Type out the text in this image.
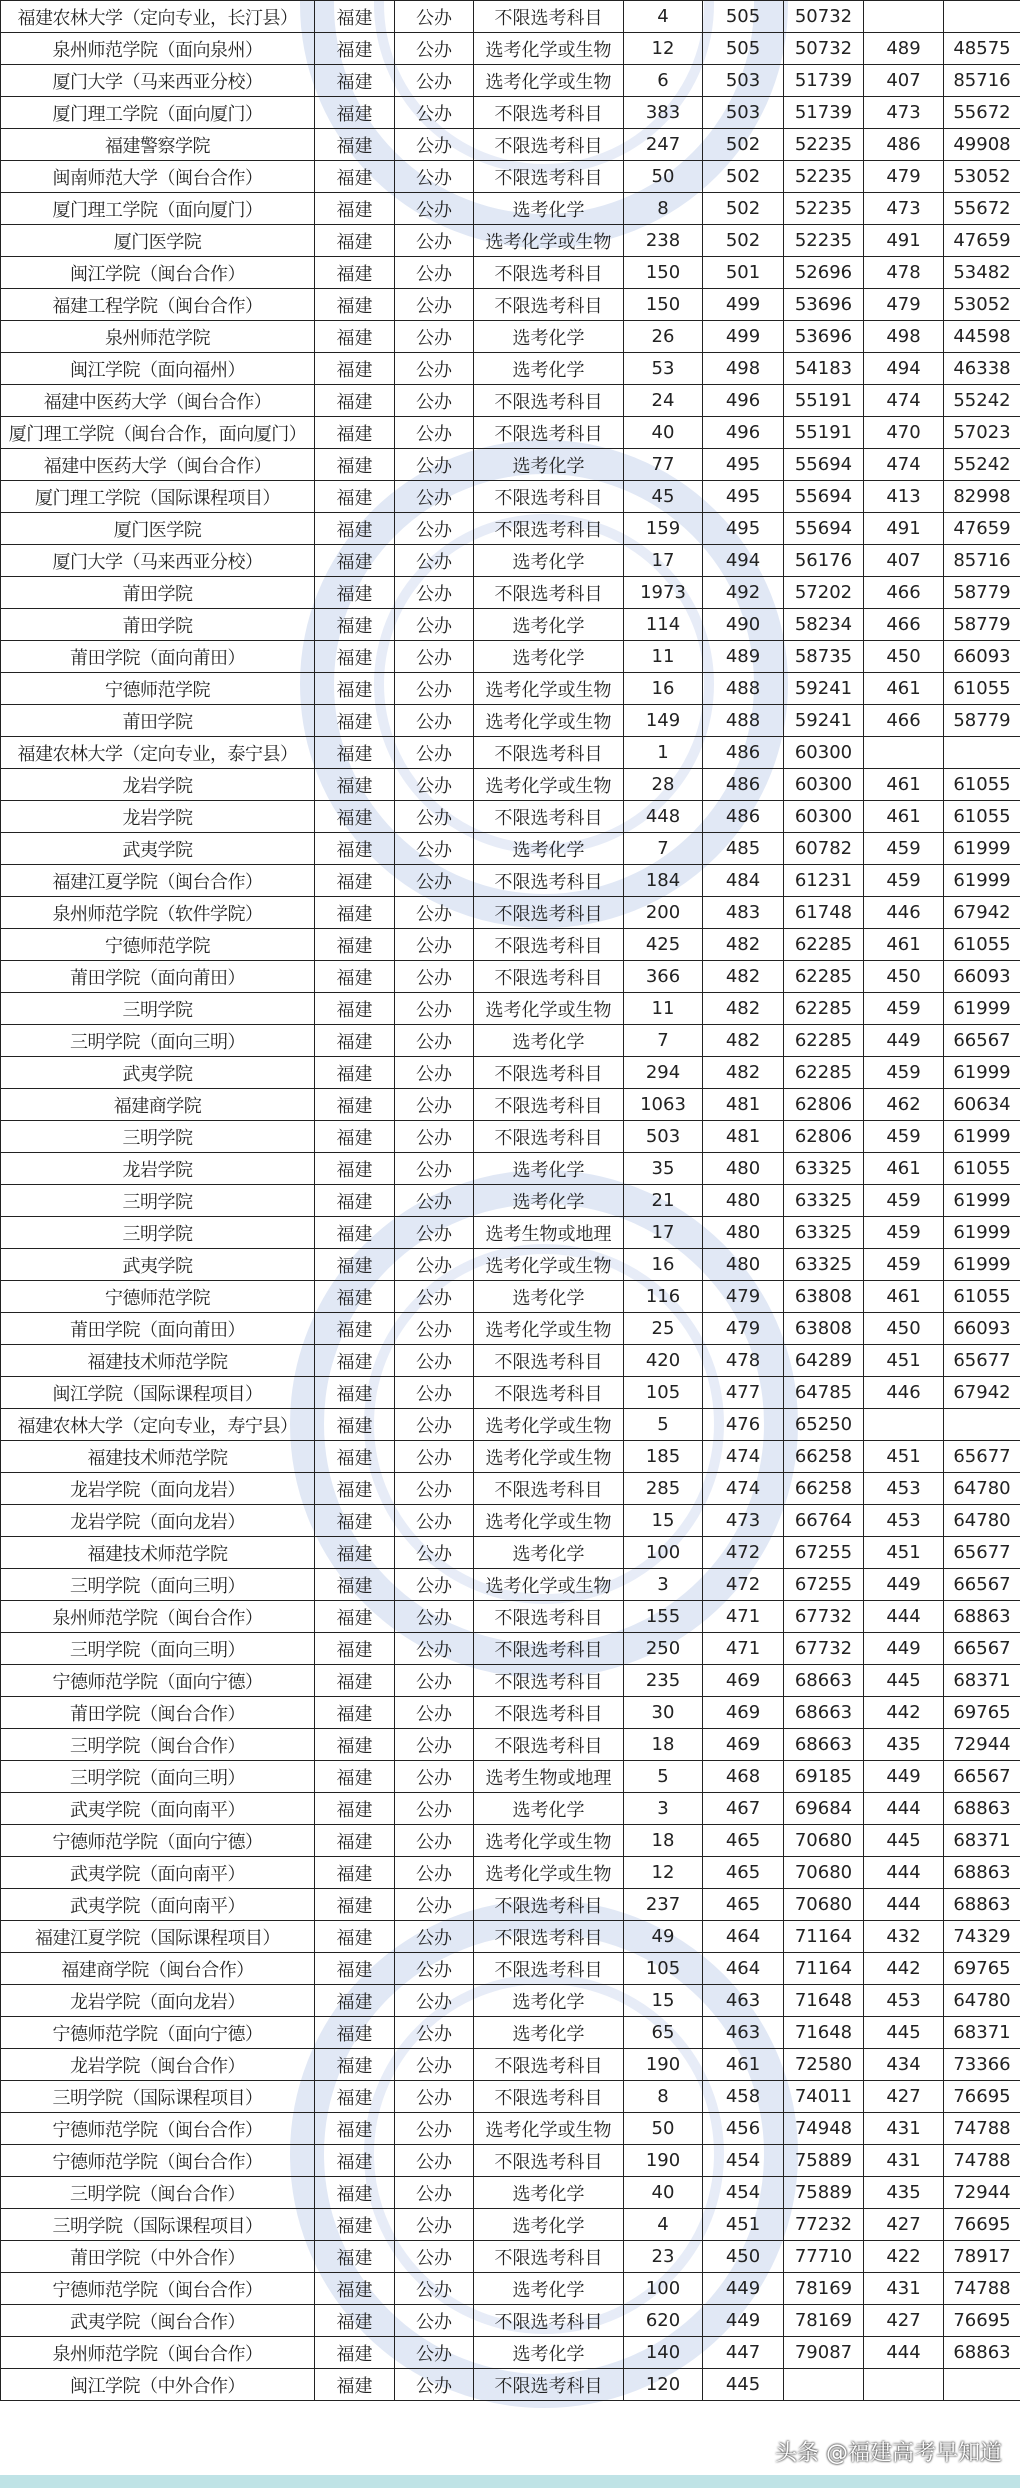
福建农林大学（定向专业，长汀县）	福建	公办	不限选考科目	4	505	50732		
泉州师范学院（面向泉州）	福建	公办	选考化学或生物	12	505	50732	489	48575
厦门大学（马来西亚分校）	福建	公办	选考化学或生物	6	503	51739	407	85716
厦门理工学院（面向厦门）	福建	公办	不限选考科目	383	503	51739	473	55672
福建警察学院	福建	公办	不限选考科目	247	502	52235	486	49908
闽南师范大学（闽台合作）	福建	公办	不限选考科目	50	502	52235	479	53052
厦门理工学院（面向厦门）	福建	公办	选考化学	8	502	52235	473	55672
厦门医学院	福建	公办	选考化学或生物	238	502	52235	491	47659
闽江学院（闽台合作）	福建	公办	不限选考科目	150	501	52696	478	53482
福建工程学院（闽台合作）	福建	公办	不限选考科目	150	499	53696	479	53052
泉州师范学院	福建	公办	选考化学	26	499	53696	498	44598
闽江学院（面向福州）	福建	公办	选考化学	53	498	54183	494	46338
福建中医药大学（闽台合作）	福建	公办	不限选考科目	24	496	55191	474	55242
厦门理工学院（闽台合作，面向厦门）	福建	公办	不限选考科目	40	496	55191	470	57023
福建中医药大学（闽台合作）	福建	公办	选考化学	77	495	55694	474	55242
厦门理工学院（国际课程项目）	福建	公办	不限选考科目	45	495	55694	413	82998
厦门医学院	福建	公办	不限选考科目	159	495	55694	491	47659
厦门大学（马来西亚分校）	福建	公办	选考化学	17	494	56176	407	85716
莆田学院	福建	公办	不限选考科目	1973	492	57202	466	58779
莆田学院	福建	公办	选考化学	114	490	58234	466	58779
莆田学院（面向莆田）	福建	公办	选考化学	11	489	58735	450	66093
宁德师范学院	福建	公办	选考化学或生物	16	488	59241	461	61055
莆田学院	福建	公办	选考化学或生物	149	488	59241	466	58779
福建农林大学（定向专业，泰宁县）	福建	公办	不限选考科目	1	486	60300		
龙岩学院	福建	公办	选考化学或生物	28	486	60300	461	61055
龙岩学院	福建	公办	不限选考科目	448	486	60300	461	61055
武夷学院	福建	公办	选考化学	7	485	60782	459	61999
福建江夏学院（闽台合作）	福建	公办	不限选考科目	184	484	61231	459	61999
泉州师范学院（软件学院）	福建	公办	不限选考科目	200	483	61748	446	67942
宁德师范学院	福建	公办	不限选考科目	425	482	62285	461	61055
莆田学院（面向莆田）	福建	公办	不限选考科目	366	482	62285	450	66093
三明学院	福建	公办	选考化学或生物	11	482	62285	459	61999
三明学院（面向三明）	福建	公办	选考化学	7	482	62285	449	66567
武夷学院	福建	公办	不限选考科目	294	482	62285	459	61999
福建商学院	福建	公办	不限选考科目	1063	481	62806	462	60634
三明学院	福建	公办	不限选考科目	503	481	62806	459	61999
龙岩学院	福建	公办	选考化学	35	480	63325	461	61055
三明学院	福建	公办	选考化学	21	480	63325	459	61999
三明学院	福建	公办	选考生物或地理	17	480	63325	459	61999
武夷学院	福建	公办	选考化学或生物	16	480	63325	459	61999
宁德师范学院	福建	公办	选考化学	116	479	63808	461	61055
莆田学院（面向莆田）	福建	公办	选考化学或生物	25	479	63808	450	66093
福建技术师范学院	福建	公办	不限选考科目	420	478	64289	451	65677
闽江学院（国际课程项目）	福建	公办	不限选考科目	105	477	64785	446	67942
福建农林大学（定向专业，寿宁县）	福建	公办	选考化学或生物	5	476	65250		
福建技术师范学院	福建	公办	选考化学或生物	185	474	66258	451	65677
龙岩学院（面向龙岩）	福建	公办	不限选考科目	285	474	66258	453	64780
龙岩学院（面向龙岩）	福建	公办	选考化学或生物	15	473	66764	453	64780
福建技术师范学院	福建	公办	选考化学	100	472	67255	451	65677
三明学院（面向三明）	福建	公办	选考化学或生物	3	472	67255	449	66567
泉州师范学院（闽台合作）	福建	公办	不限选考科目	155	471	67732	444	68863
三明学院（面向三明）	福建	公办	不限选考科目	250	471	67732	449	66567
宁德师范学院（面向宁德）	福建	公办	不限选考科目	235	469	68663	445	68371
莆田学院（闽台合作）	福建	公办	不限选考科目	30	469	68663	442	69765
三明学院（闽台合作）	福建	公办	不限选考科目	18	469	68663	435	72944
三明学院（面向三明）	福建	公办	选考生物或地理	5	468	69185	449	66567
武夷学院（面向南平）	福建	公办	选考化学	3	467	69684	444	68863
宁德师范学院（面向宁德）	福建	公办	选考化学或生物	18	465	70680	445	68371
武夷学院（面向南平）	福建	公办	选考化学或生物	12	465	70680	444	68863
武夷学院（面向南平）	福建	公办	不限选考科目	237	465	70680	444	68863
福建江夏学院（国际课程项目）	福建	公办	不限选考科目	49	464	71164	432	74329
福建商学院（闽台合作）	福建	公办	不限选考科目	105	464	71164	442	69765
龙岩学院（面向龙岩）	福建	公办	选考化学	15	463	71648	453	64780
宁德师范学院（面向宁德）	福建	公办	选考化学	65	463	71648	445	68371
龙岩学院（闽台合作）	福建	公办	不限选考科目	190	461	72580	434	73366
三明学院（国际课程项目）	福建	公办	不限选考科目	8	458	74011	427	76695
宁德师范学院（闽台合作）	福建	公办	选考化学或生物	50	456	74948	431	74788
宁德师范学院（闽台合作）	福建	公办	不限选考科目	190	454	75889	431	74788
三明学院（闽台合作）	福建	公办	选考化学	40	454	75889	435	72944
三明学院（国际课程项目）	福建	公办	选考化学	4	451	77232	427	76695
莆田学院（中外合作）	福建	公办	不限选考科目	23	450	77710	422	78917
宁德师范学院（闽台合作）	福建	公办	选考化学	100	449	78169	431	74788
武夷学院（闽台合作）	福建	公办	不限选考科目	620	449	78169	427	76695
泉州师范学院（闽台合作）	福建	公办	选考化学	140	447	79087	444	68863
闽江学院（中外合作）	福建	公办	不限选考科目	120	445			
头条 @福建高考早知道
